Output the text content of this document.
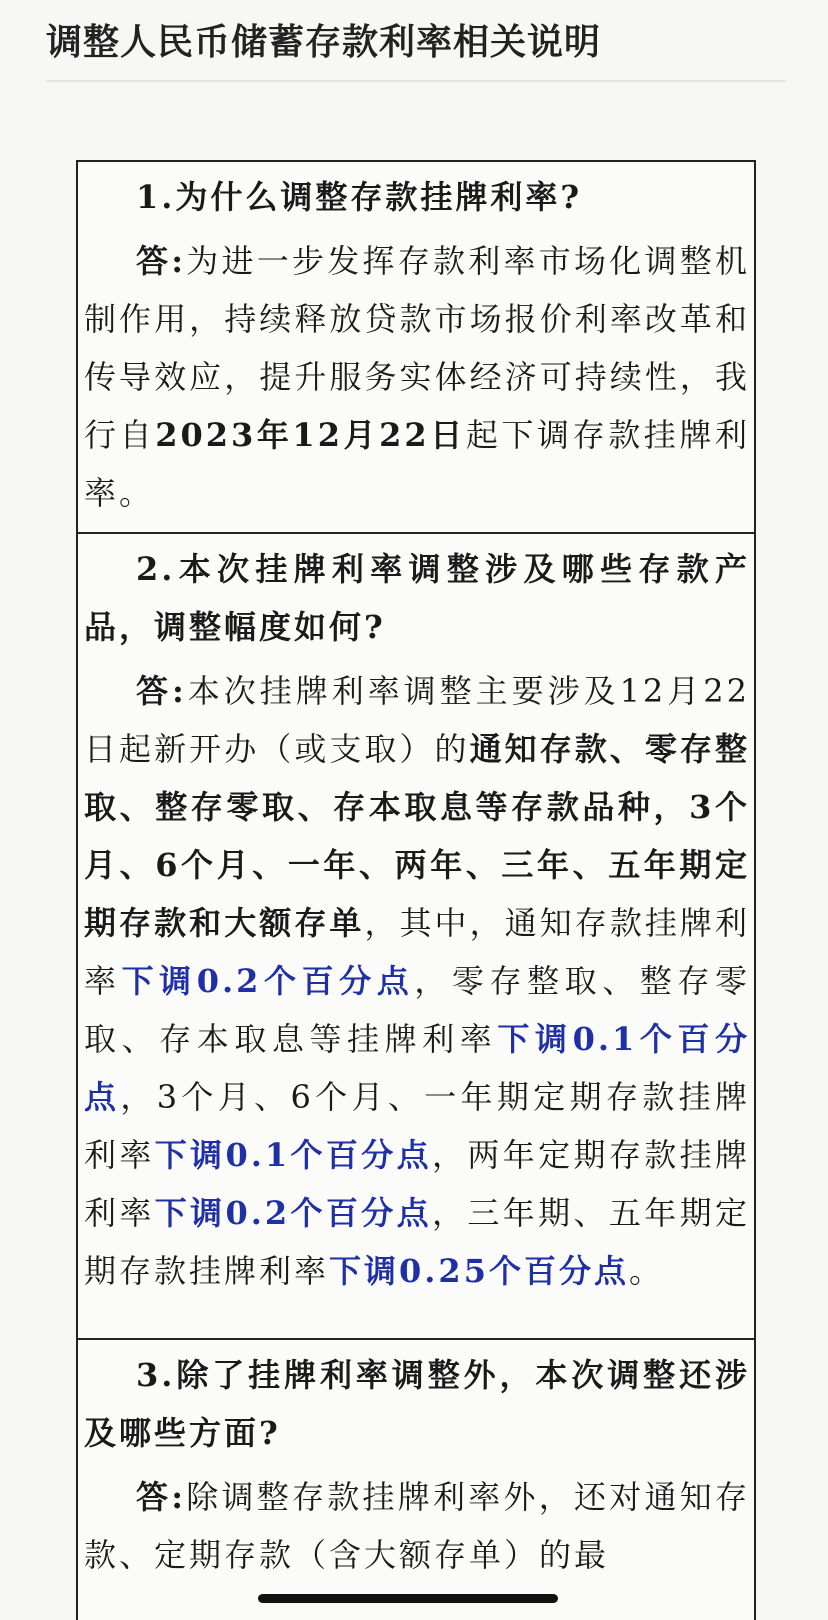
调整人民币储蓄存款利率相关说明

1.为什么调整存款挂牌利率?

答:为进一步发挥存款利率市场化调整机制作用，持续释放贷款市场报价利率改革和传导效应，提升服务实体经济可持续性，我行自2023年12月22日起下调存款挂牌利率。

2.本次挂牌利率调整涉及哪些存款产品，调整幅度如何?

答:本次挂牌利率调整主要涉及12月22日起新开办（或支取）的通知存款、零存整取、整存零取、存本取息等存款品种，3个月、6个月、一年、两年、三年、五年期定期存款和大额存单，其中，通知存款挂牌利率下调0.2个百分点，零存整取、整存零取、存本取息等挂牌利率下调0.1个百分点，3个月、6个月、一年期定期存款挂牌利率下调0.1个百分点，两年定期存款挂牌利率下调0.2个百分点，三年期、五年期定期存款挂牌利率下调0.25个百分点。

3.除了挂牌利率调整外，本次调整还涉及哪些方面?

答:除调整存款挂牌利率外，还对通知存款、定期存款（含大额存单）的最
